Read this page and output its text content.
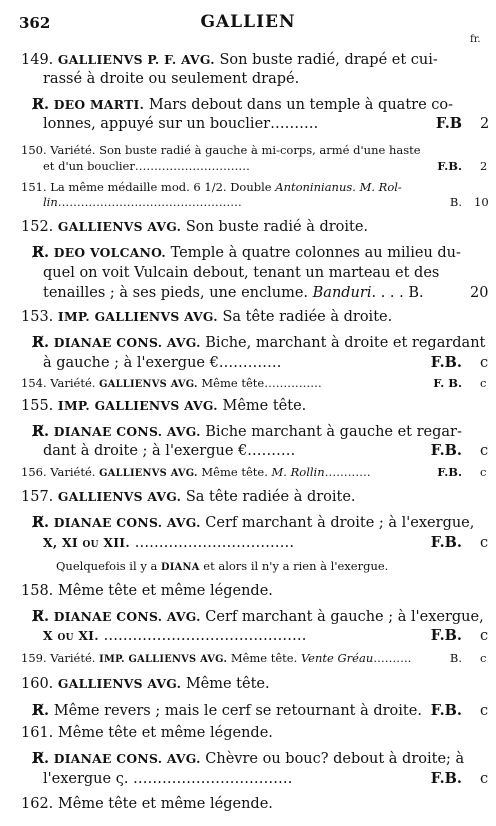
362	GALLIEN
fr.
149. GALLIENVS P. F. AVG. Son buste radié, drapé et cui-
rassé à droite ou seulement drapé.
R̸. DEO MARTI. Mars debout dans un temple à quatre co-
lonnes, appuyé sur un bouclier……….	F.B 2
150. Variété. Son buste radié à gauche à mi-corps, armé d'une haste
et d'un bouclier…………………………	F.B. 2
151. La même médaille mod. 6 1/2. Double Antoninianus. M. Rol-
lin…………………………………………	B. 10
152. GALLIENVS AVG. Son buste radié à droite.
R̸. DEO VOLCANO. Temple à quatre colonnes au milieu du-
quel on voit Vulcain debout, tenant un marteau et des
tenailles ; à ses pieds, une enclume. Banduri. . . . B.	20
153. IMP. GALLIENVS AVG. Sa tête radiée à droite.
R̸. DIANAE CONS. AVG. Biche, marchant à droite et regardant
à gauche ; à l'exergue €.…………	F.B. c
154. Variété. GALLIENVS AVG. Même tête……………	F. B. c
155. IMP. GALLIENVS AVG. Même tête.
R̸. DIANAE CONS. AVG. Biche marchant à gauche et regar-
dant à droite ; à l'exergue €.………	F.B. c
156. Variété. GALLIENVS AVG. Même tête. M. Rollin…………	F.B. c
157. GALLIENVS AVG. Sa tête radiée à droite.
R̸. DIANAE CONS. AVG. Cerf marchant à droite ; à l'exergue,
X, XI ou XII. ……………………………	F.B. c
Quelquefois il y a DIANA et alors il n'y a rien à l'exergue.
158. Même tête et même légende.
R̸. DIANAE CONS. AVG. Cerf marchant à gauche ; à l'exergue,
X ou XI. ……………………………………	F.B. c
159. Variété. IMP. GALLIENVS AVG. Même tête. Vente Gréau……….	B. c
160. GALLIENVS AVG. Même tête.
R̸. Même revers ; mais le cerf se retournant à droite. F.B. c
161. Même tête et même légende.
R̸. DIANAE CONS. AVG. Chèvre ou bouc? debout à droite; à
l'exergue ς. ……………………………	F.B. c
162. Même tête et même légende.
